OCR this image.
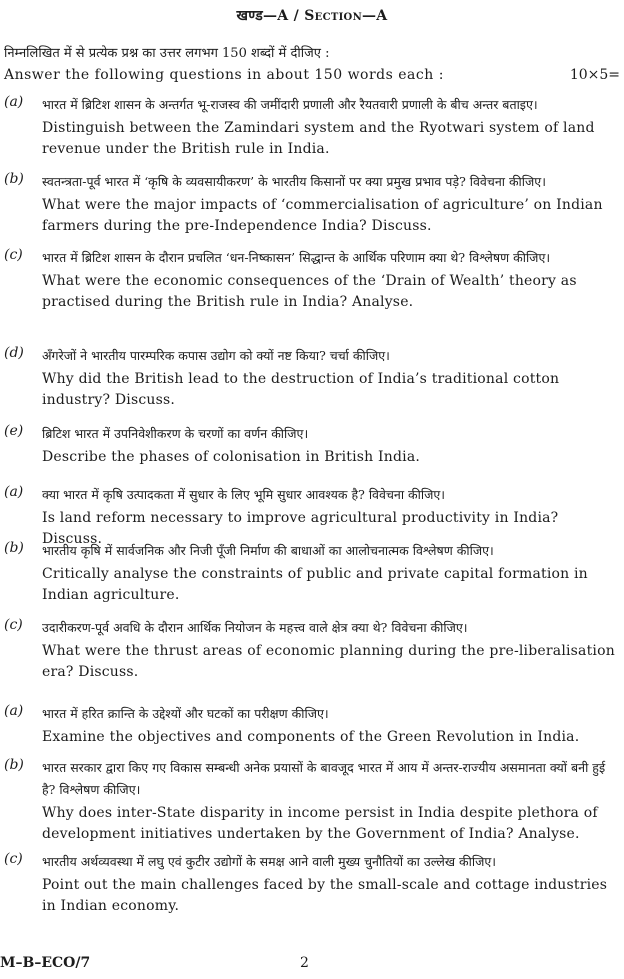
खण्ड—A / Section—A
निम्नलिखित में से प्रत्येक प्रश्न का उत्तर लगभग 150 शब्दों में दीजिए :
Answer the following questions in about 150 words each :	10×5=
(a)	भारत में ब्रिटिश शासन के अन्तर्गत भू-राजस्व की जमींदारी प्रणाली और रैयतवारी प्रणाली के बीच अन्तर बताइए।
Distinguish between the Zamindari system and the Ryotwari system of land revenue under the British rule in India.
(b)	स्वतन्त्रता-पूर्व भारत में ‘कृषि के व्यवसायीकरण’ के भारतीय किसानों पर क्या प्रमुख प्रभाव पड़े? विवेचना कीजिए।
What were the major impacts of ‘commercialisation of agriculture’ on Indian farmers during the pre-Independence India? Discuss.
(c)	भारत में ब्रिटिश शासन के दौरान प्रचलित ‘धन-निष्कासन’ सिद्धान्त के आर्थिक परिणाम क्या थे? विश्लेषण कीजिए।
What were the economic consequences of the ‘Drain of Wealth’ theory as practised during the British rule in India? Analyse.
(d)	अँगरेजों ने भारतीय पारम्परिक कपास उद्योग को क्यों नष्ट किया? चर्चा कीजिए।
Why did the British lead to the destruction of India’s traditional cotton industry? Discuss.
(e)	ब्रिटिश भारत में उपनिवेशीकरण के चरणों का वर्णन कीजिए।
Describe the phases of colonisation in British India.
(a)	क्या भारत में कृषि उत्पादकता में सुधार के लिए भूमि सुधार आवश्यक है? विवेचना कीजिए।
Is land reform necessary to improve agricultural productivity in India? Discuss.
(b)	भारतीय कृषि में सार्वजनिक और निजी पूँजी निर्माण की बाधाओं का आलोचनात्मक विश्लेषण कीजिए।
Critically analyse the constraints of public and private capital formation in Indian agriculture.
(c)	उदारीकरण-पूर्व अवधि के दौरान आर्थिक नियोजन के महत्त्व वाले क्षेत्र क्या थे? विवेचना कीजिए।
What were the thrust areas of economic planning during the pre-liberalisation era? Discuss.
(a)	भारत में हरित क्रान्ति के उद्देश्यों और घटकों का परीक्षण कीजिए।
Examine the objectives and components of the Green Revolution in India.
(b)	भारत सरकार द्वारा किए गए विकास सम्बन्धी अनेक प्रयासों के बावजूद भारत में आय में अन्तर-राज्यीय असमानता क्यों बनी हुई है? विश्लेषण कीजिए।
Why does inter-State disparity in income persist in India despite plethora of development initiatives undertaken by the Government of India? Analyse.
(c)	भारतीय अर्थव्यवस्था में लघु एवं कुटीर उद्योगों के समक्ष आने वाली मुख्य चुनौतियों का उल्लेख कीजिए।
Point out the main challenges faced by the small-scale and cottage industries in Indian economy.
M–B–ECO/7	2
